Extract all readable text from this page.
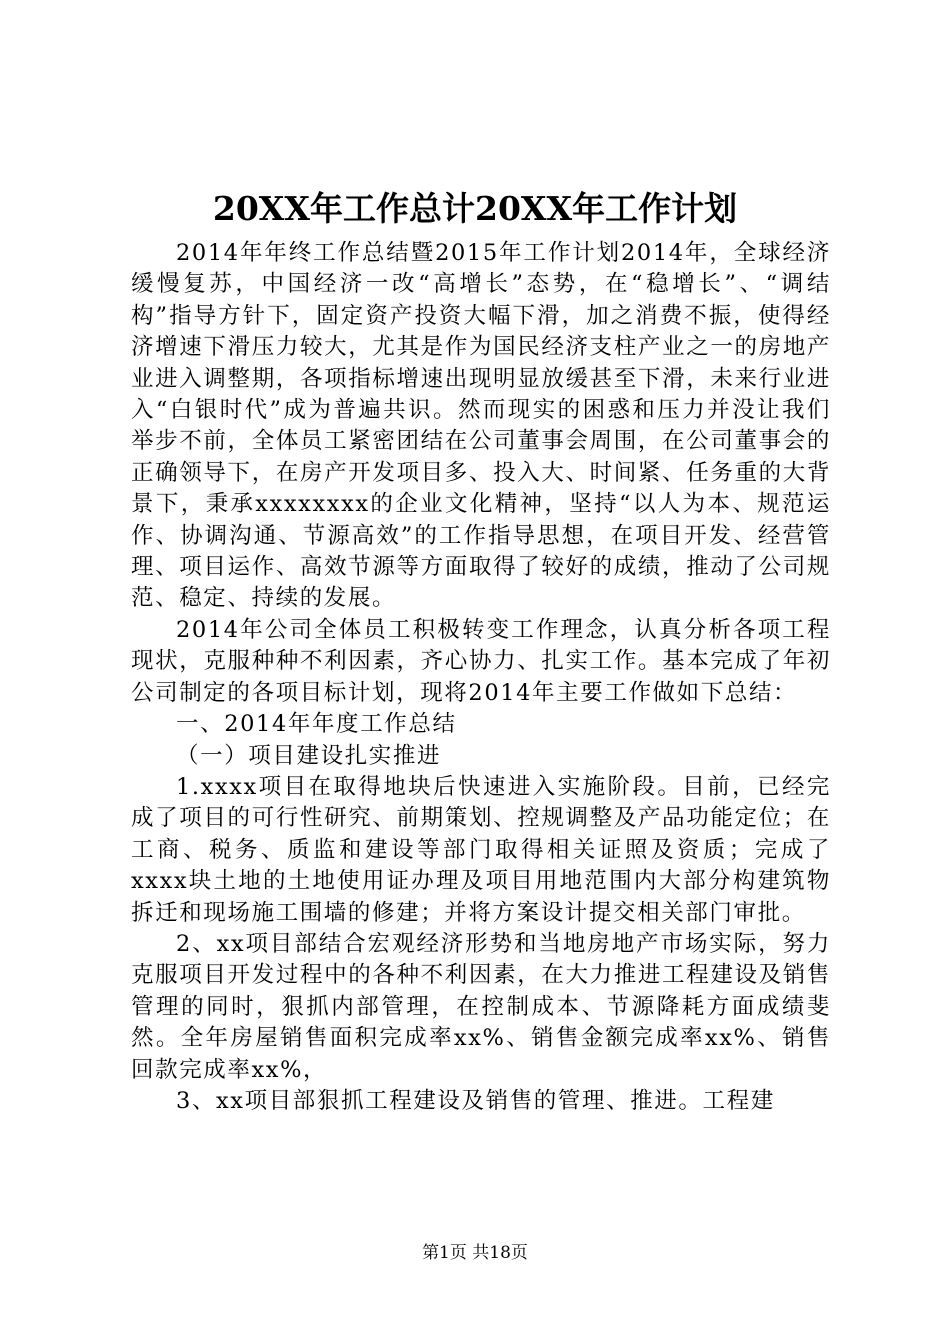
20XX年工作总计20XX年工作计划

2014年年终工作总结暨2015年工作计划2014年，全球经济缓慢复苏，中国经济一改“高增长”态势，在“稳增长”、“调结构”指导方针下，固定资产投资大幅下滑，加之消费不振，使得经济增速下滑压力较大，尤其是作为国民经济支柱产业之一的房地产业进入调整期，各项指标增速出现明显放缓甚至下滑，未来行业进入“白银时代”成为普遍共识。然而现实的困惑和压力并没让我们举步不前，全体员工紧密团结在公司董事会周围，在公司董事会的正确领导下，在房产开发项目多、投入大、时间紧、任务重的大背景下，秉承xxxxxxxx的企业文化精神，坚持“以人为本、规范运作、协调沟通、节源高效”的工作指导思想，在项目开发、经营管理、项目运作、高效节源等方面取得了较好的成绩，推动了公司规范、稳定、持续的发展。

2014年公司全体员工积极转变工作理念，认真分析各项工程现状，克服种种不利因素，齐心协力、扎实工作。基本完成了年初公司制定的各项目标计划，现将2014年主要工作做如下总结：

一、2014年年度工作总结

（一）项目建设扎实推进

1.xxxx项目在取得地块后快速进入实施阶段。目前，已经完成了项目的可行性研究、前期策划、控规调整及产品功能定位；在工商、税务、质监和建设等部门取得相关证照及资质；完成了xxxx块土地的土地使用证办理及项目用地范围内大部分构建筑物拆迁和现场施工围墙的修建；并将方案设计提交相关部门审批。

2、xx项目部结合宏观经济形势和当地房地产市场实际，努力克服项目开发过程中的各种不利因素，在大力推进工程建设及销售管理的同时，狠抓内部管理，在控制成本、节源降耗方面成绩斐然。全年房屋销售面积完成率xx%、销售金额完成率xx%、销售回款完成率xx%，

3、xx项目部狠抓工程建设及销售的管理、推进。工程建

第1页 共18页
